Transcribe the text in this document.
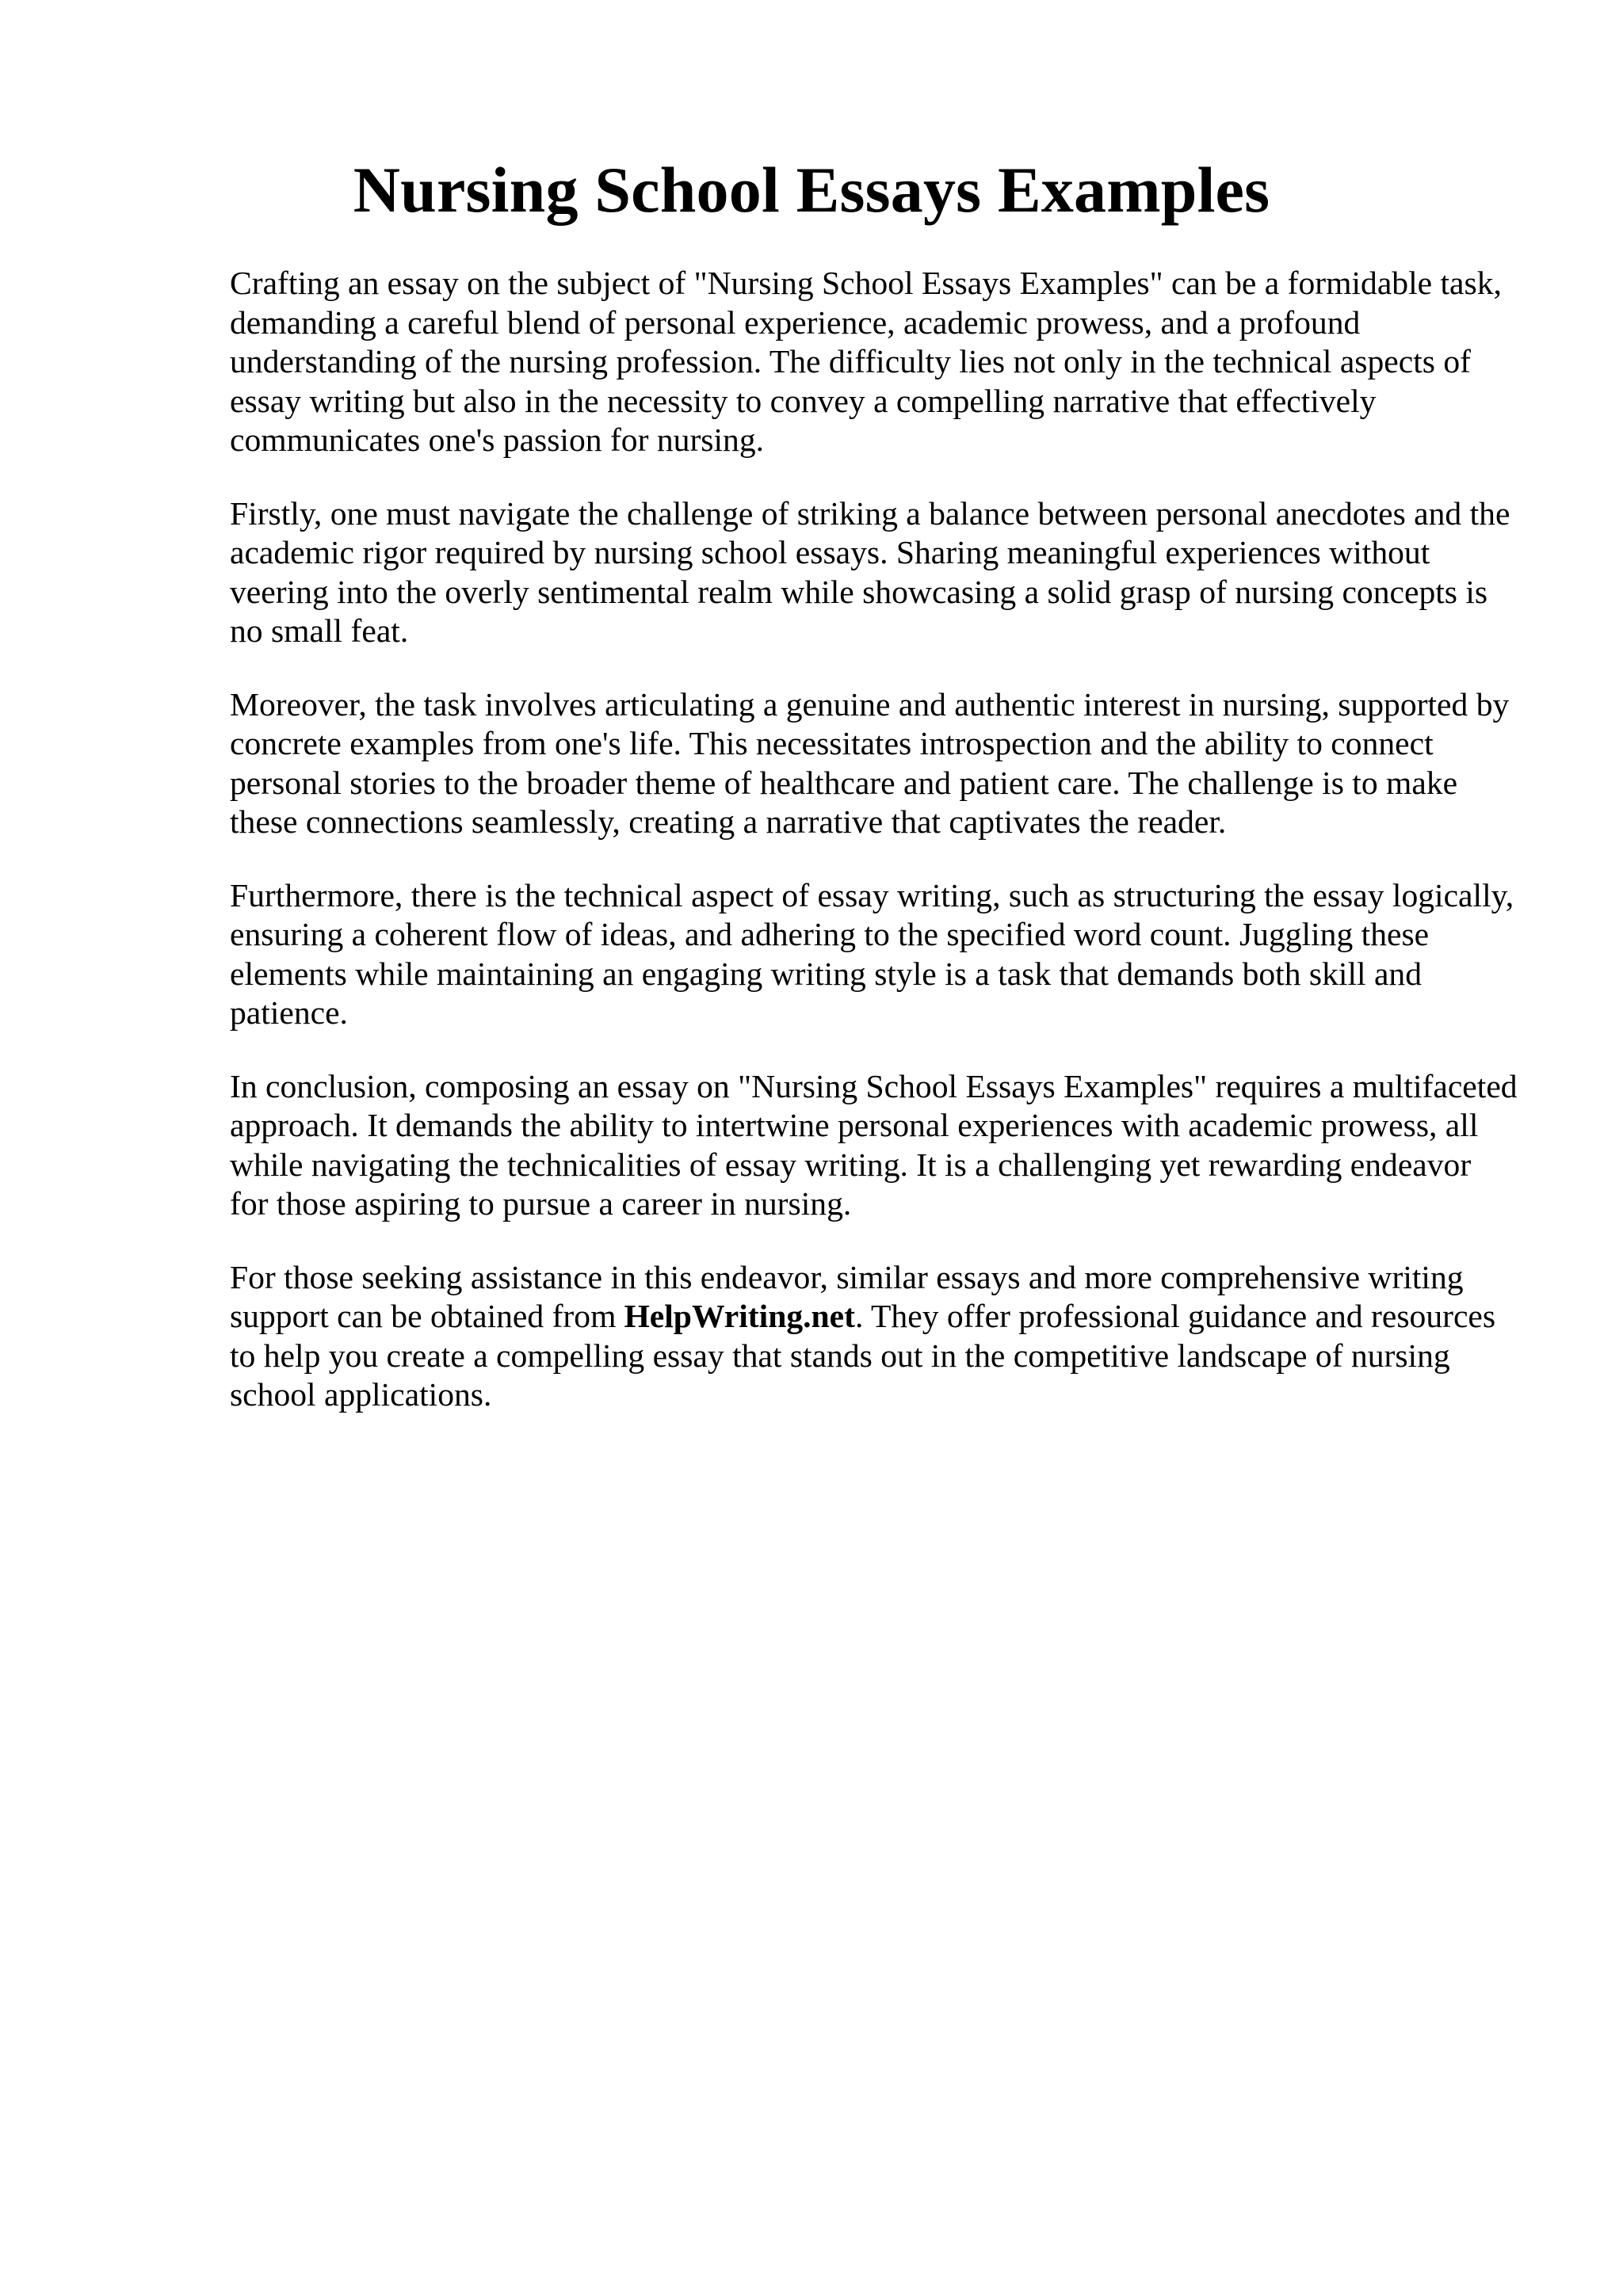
Nursing School Essays Examples

Crafting an essay on the subject of "Nursing School Essays Examples" can be a formidable task,
demanding a careful blend of personal experience, academic prowess, and a profound
understanding of the nursing profession. The difficulty lies not only in the technical aspects of
essay writing but also in the necessity to convey a compelling narrative that effectively
communicates one's passion for nursing.

Firstly, one must navigate the challenge of striking a balance between personal anecdotes and the
academic rigor required by nursing school essays. Sharing meaningful experiences without
veering into the overly sentimental realm while showcasing a solid grasp of nursing concepts is
no small feat.

Moreover, the task involves articulating a genuine and authentic interest in nursing, supported by
concrete examples from one's life. This necessitates introspection and the ability to connect
personal stories to the broader theme of healthcare and patient care. The challenge is to make
these connections seamlessly, creating a narrative that captivates the reader.

Furthermore, there is the technical aspect of essay writing, such as structuring the essay logically,
ensuring a coherent flow of ideas, and adhering to the specified word count. Juggling these
elements while maintaining an engaging writing style is a task that demands both skill and
patience.

In conclusion, composing an essay on "Nursing School Essays Examples" requires a multifaceted
approach. It demands the ability to intertwine personal experiences with academic prowess, all
while navigating the technicalities of essay writing. It is a challenging yet rewarding endeavor
for those aspiring to pursue a career in nursing.

For those seeking assistance in this endeavor, similar essays and more comprehensive writing
support can be obtained from HelpWriting.net. They offer professional guidance and resources
to help you create a compelling essay that stands out in the competitive landscape of nursing
school applications.
